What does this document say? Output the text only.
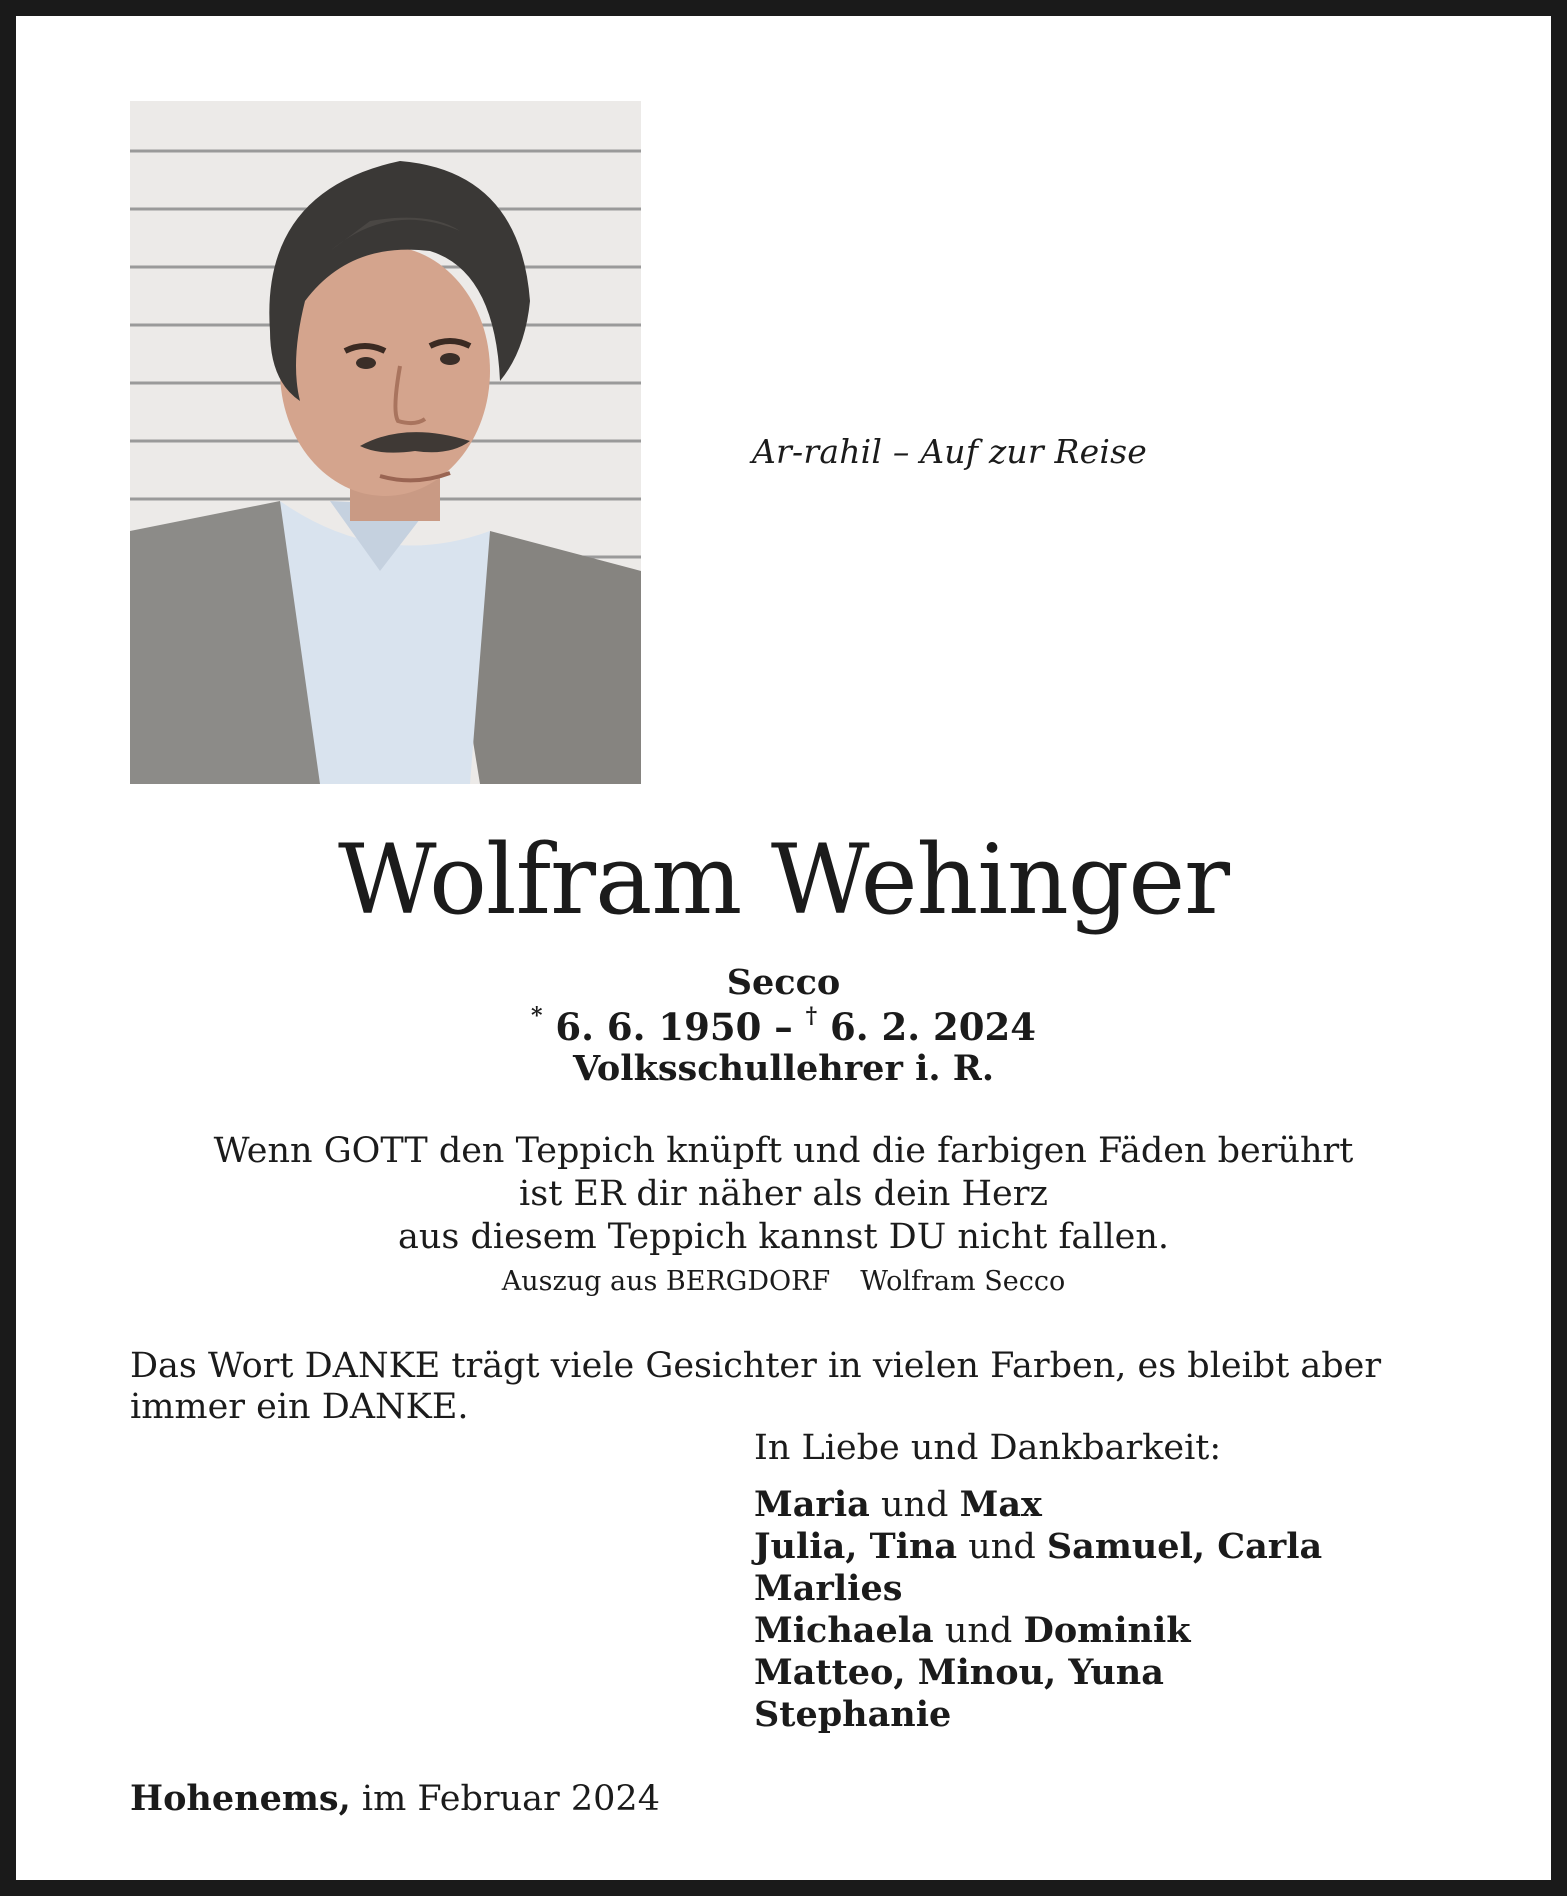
Ar-rahil – Auf zur Reise
Wolfram Wehinger
Secco
* 6. 6. 1950 – † 6. 2. 2024
Volksschullehrer i. R.
Wenn GOTT den Teppich knüpft und die farbigen Fäden berührt
ist ER dir näher als dein Herz
aus diesem Teppich kannst DU nicht fallen.
Auszug aus BERGDORF Wolfram Secco
Das Wort DANKE trägt viele Gesichter in vielen Farben, es bleibt aber immer ein DANKE.
In Liebe und Dankbarkeit:
Maria und Max
Julia, Tina und Samuel, Carla
Marlies
Michaela und Dominik
Matteo, Minou, Yuna
Stephanie
Hohenems, im Februar 2024
